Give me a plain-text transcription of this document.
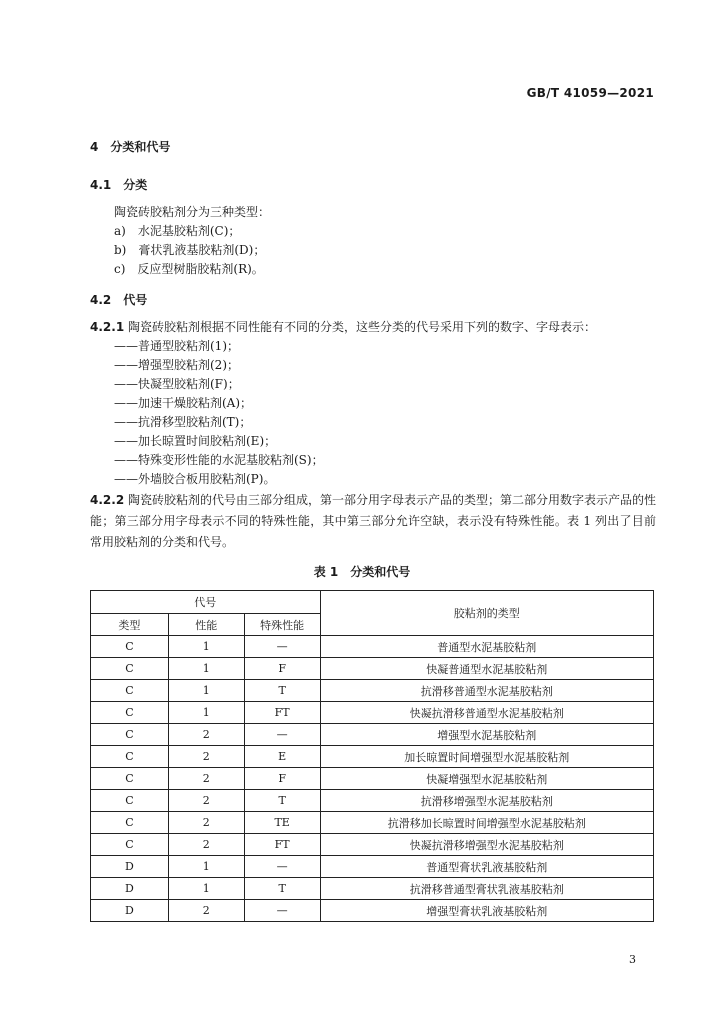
GB/T 41059—2021
4　分类和代号
4.1　分类
陶瓷砖胶粘剂分为三种类型：
a)　水泥基胶粘剂(C)；
b)　膏状乳液基胶粘剂(D)；
c)　反应型树脂胶粘剂(R)。
4.2　代号
4.2.1 陶瓷砖胶粘剂根据不同性能有不同的分类，这些分类的代号采用下列的数字、字母表示：
——普通型胶粘剂(1)；
——增强型胶粘剂(2)；
——快凝型胶粘剂(F)；
——加速干燥胶粘剂(A)；
——抗滑移型胶粘剂(T)；
——加长晾置时间胶粘剂(E)；
——特殊变形性能的水泥基胶粘剂(S)；
——外墙胶合板用胶粘剂(P)。
4.2.2 陶瓷砖胶粘剂的代号由三部分组成，第一部分用字母表示产品的类型；第二部分用数字表示产品的性能；第三部分用字母表示不同的特殊性能，其中第三部分允许空缺，表示没有特殊性能。表 1 列出了目前常用胶粘剂的分类和代号。
表 1　分类和代号
代号			胶粘剂的类型
类型	性能	特殊性能	
C	1	—	普通型水泥基胶粘剂
C	1	F	快凝普通型水泥基胶粘剂
C	1	T	抗滑移普通型水泥基胶粘剂
C	1	FT	快凝抗滑移普通型水泥基胶粘剂
C	2	—	增强型水泥基胶粘剂
C	2	E	加长晾置时间增强型水泥基胶粘剂
C	2	F	快凝增强型水泥基胶粘剂
C	2	T	抗滑移增强型水泥基胶粘剂
C	2	TE	抗滑移加长晾置时间增强型水泥基胶粘剂
C	2	FT	快凝抗滑移增强型水泥基胶粘剂
D	1	—	普通型膏状乳液基胶粘剂
D	1	T	抗滑移普通型膏状乳液基胶粘剂
D	2	—	增强型膏状乳液基胶粘剂
3
